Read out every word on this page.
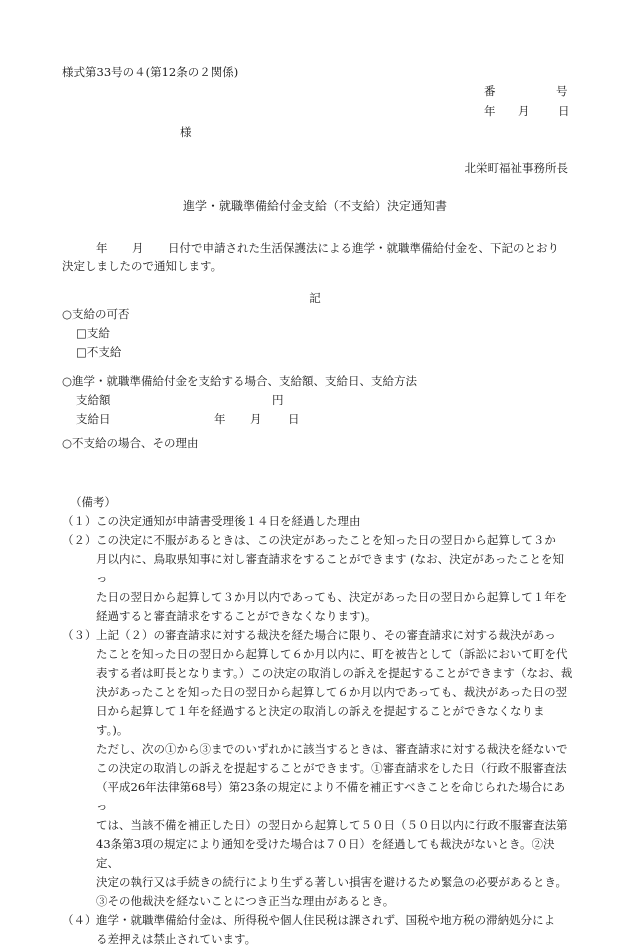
様式第33号の４(第12条の２関係)
番	号
年 月 日
様
北栄町福祉事務所長
進学・就職準備給付金支給（不支給）決定通知書
年 月 日付で申請された生活保護法による進学・就職準備給付金を、下記のとおり
決定しましたので通知します。
記
○支給の可否
□支給
□不支給
○進学・就職準備給付金を支給する場合、支給額、支給日、支給方法
支給額	円
支給日	年 月 日
○不支給の場合、その理由
（備考）
（１） この決定通知が申請書受理後１４日を経過した理由
（２） この決定に不服があるときは、この決定があったことを知った日の翌日から起算して３か
月以内に、鳥取県知事に対し審査請求をすることができます (なお、決定があったことを知っ
た日の翌日から起算して３か月以内であっても、決定があった日の翌日から起算して１年を
経過すると審査請求をすることができなくなります)。
（３） 上記（２）の審査請求に対する裁決を経た場合に限り、その審査請求に対する裁決があっ
たことを知った日の翌日から起算して６か月以内に、町を被告として（訴訟において町を代
表する者は町長となります。）この決定の取消しの訴えを提起することができます（なお、裁
決があったことを知った日の翌日から起算して６か月以内であっても、裁決があった日の翌
日から起算して１年を経過すると決定の取消しの訴えを提起することができなくなります。)。
ただし、次の①から③までのいずれかに該当するときは、審査請求に対する裁決を経ないで
この決定の取消しの訴えを提起することができます。①審査請求をした日（行政不服審査法
（平成26年法律第68号）第23条の規定により不備を補正すべきことを命じられた場合にあっ
ては、当該不備を補正した日）の翌日から起算して５０日（５０日以内に行政不服審査法第
43条第3項の規定により通知を受けた場合は７０日）を経過しても裁決がないとき。②決定、
決定の執行又は手続きの続行により生ずる著しい損害を避けるため緊急の必要があるとき。
③その他裁決を経ないことにつき正当な理由があるとき。
（４） 進学・就職準備給付金は、所得税や個人住民税は課されず、国税や地方税の滞納処分によ
る差押えは禁止されています。
